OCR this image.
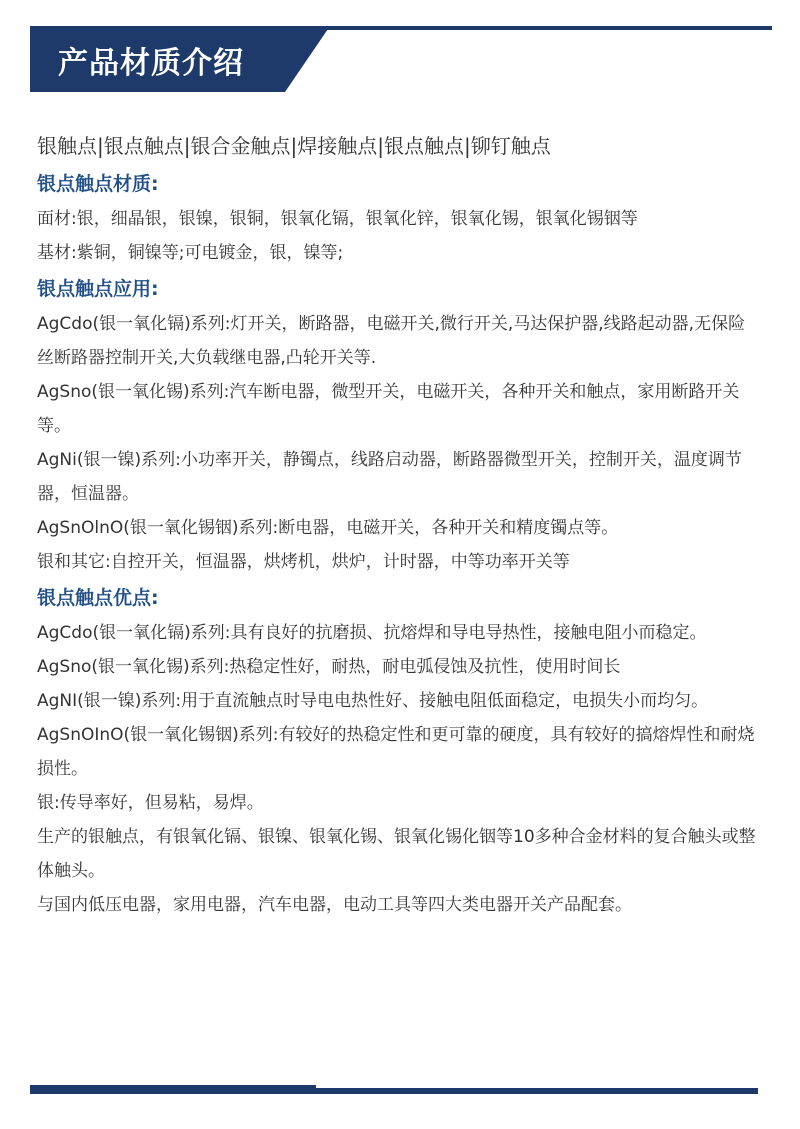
产品材质介绍
银触点|银点触点|银合金触点|焊接触点|银点触点|铆钉触点
银点触点材质:

面材:银，细晶银，银镍，银铜，银氧化镉，银氧化锌，银氧化锡，银氧化锡铟等

基材:紫铜，铜镍等;可电镀金，银，镍等;

银点触点应用:

AgCdo(银一氧化镉)系列:灯开关，断路器，电磁开关,微行开关,马达保护器,线路起动器,无保险丝断路器控制开关,大负载继电器,凸轮开关等.

AgSno(银一氧化锡)系列:汽车断电器，微型开关，电磁开关，各种开关和触点，家用断路开关等。

AgNi(银一镍)系列:小功率开关，静镯点，线路启动器，断路器微型开关，控制开关，温度调节器，恒温器。

AgSnOlnO(银一氧化锡铟)系列:断电器，电磁开关，各种开关和精度镯点等。

银和其它:自控开关，恒温器，烘烤机，烘炉，计时器，中等功率开关等

银点触点优点:

AgCdo(银一氧化镉)系列:具有良好的抗磨损、抗熔焊和导电导热性，接触电阻小而稳定。

AgSno(银一氧化锡)系列:热稳定性好，耐热，耐电弧侵蚀及抗性，使用时间长

AgNI(银一镍)系列:用于直流触点时导电电热性好、接触电阻低面稳定，电损失小而均匀。

AgSnOInO(银一氧化锡铟)系列:有较好的热稳定性和更可靠的硬度，具有较好的搞熔焊性和耐烧损性。

银:传导率好，但易粘，易焊。

生产的银触点，有银氧化镉、银镍、银氧化锡、银氧化锡化铟等10多种合金材料的复合触头或整体触头。

与国内低压电器，家用电器，汽车电器，电动工具等四大类电器开关产品配套。
